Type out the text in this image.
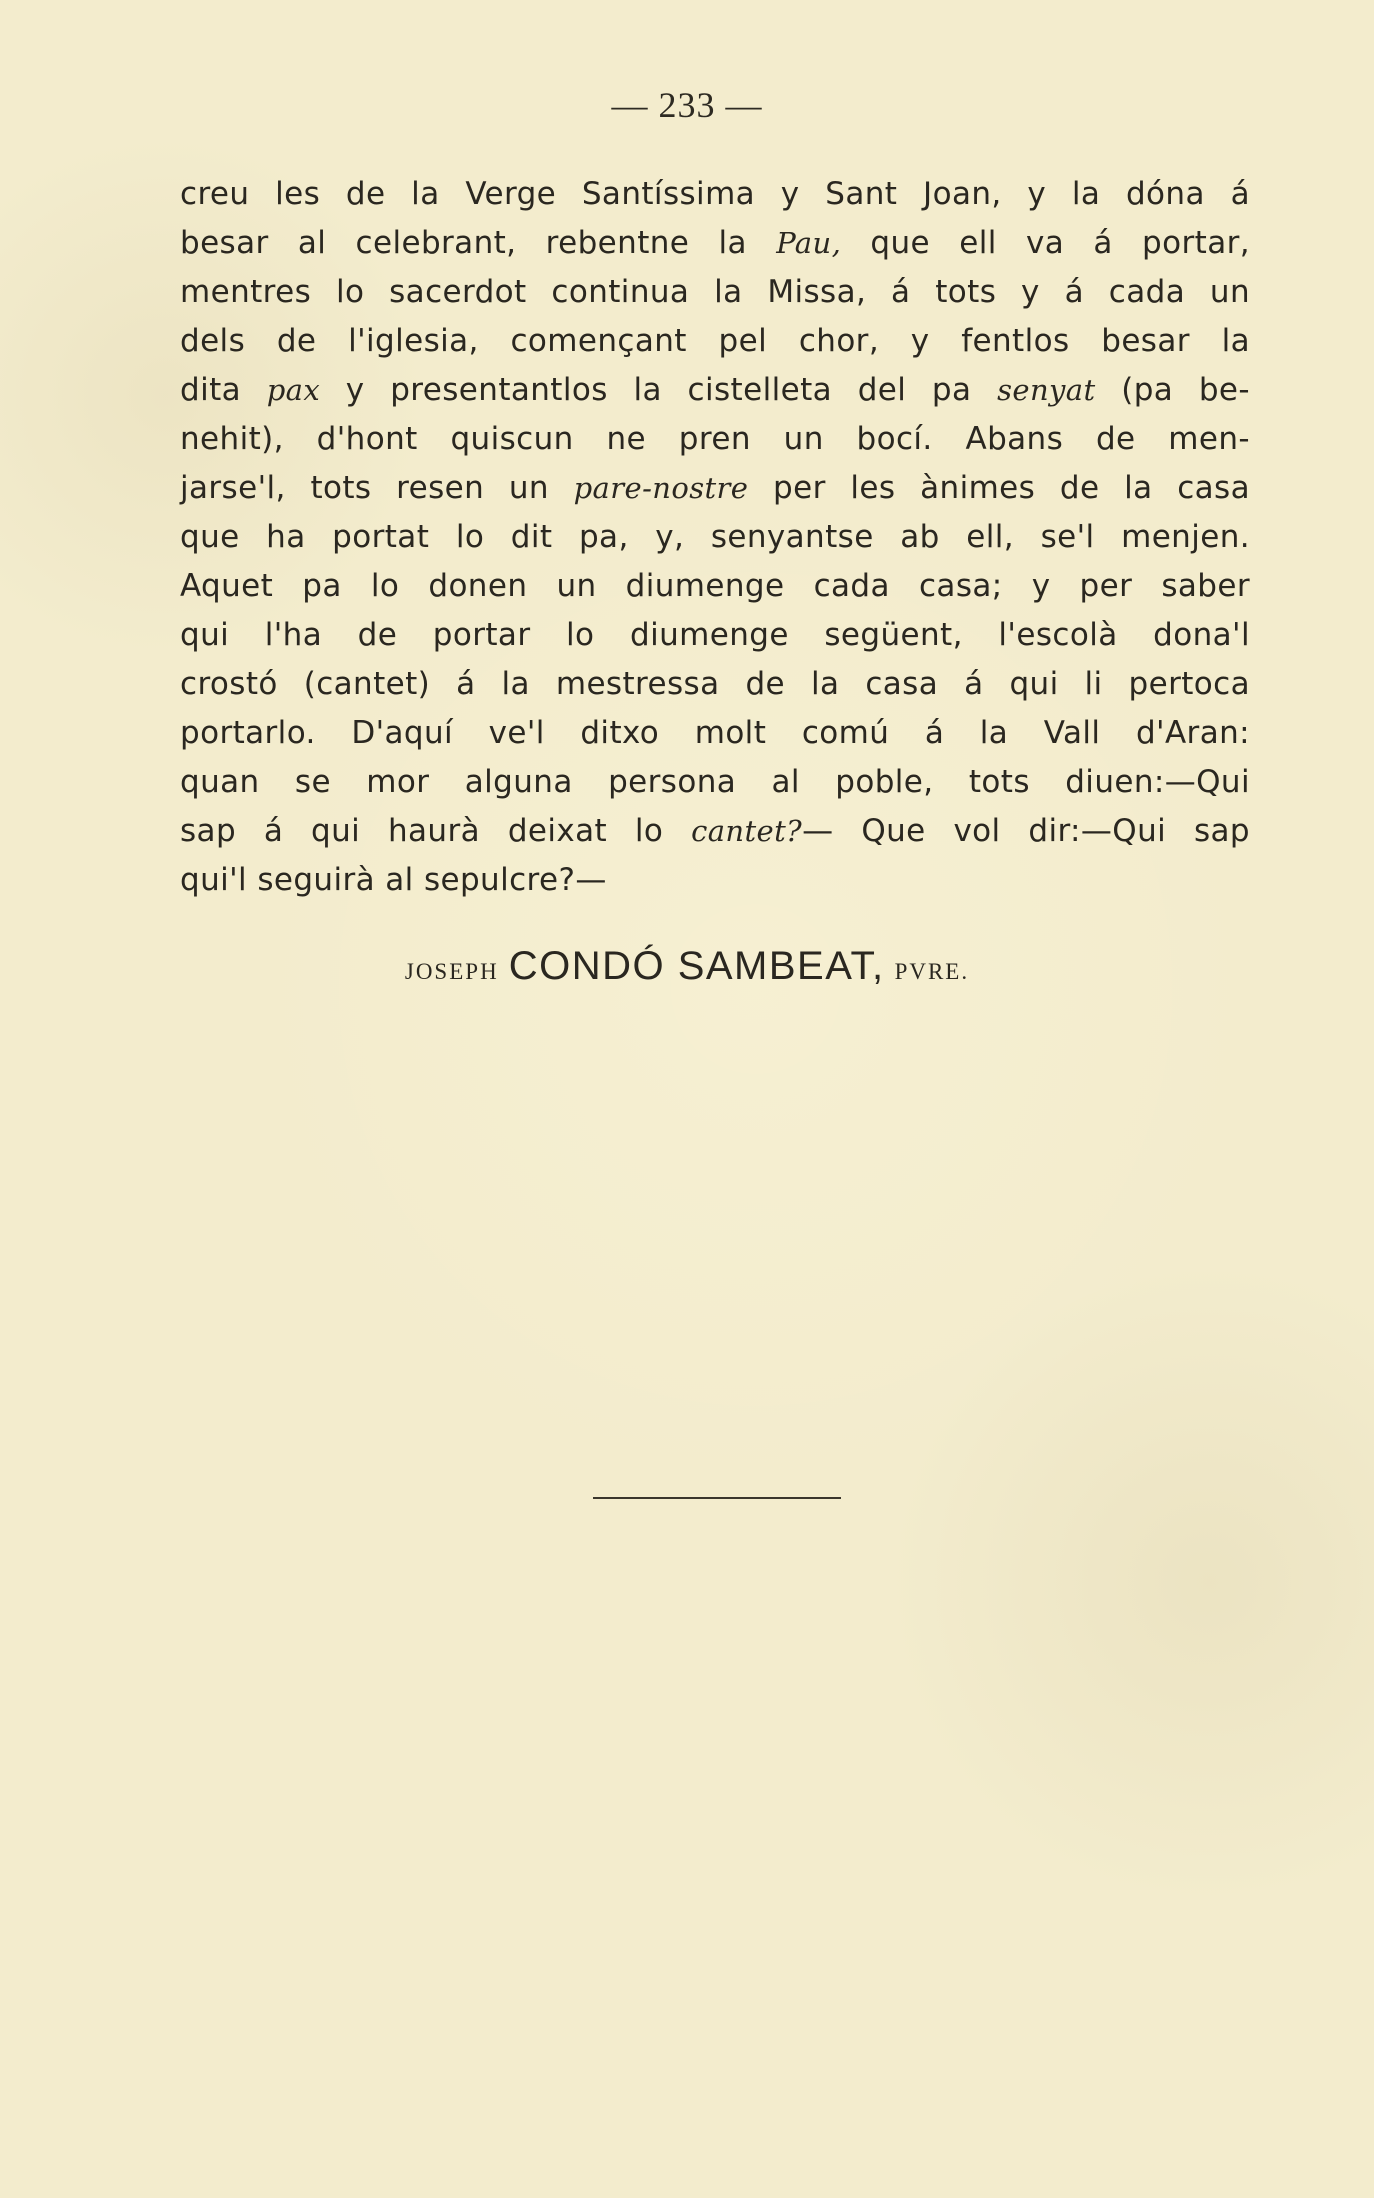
— 233 —
creu les de la Verge Santíssima y Sant Joan, y la dóna á
besar al celebrant, rebentne la Pau, que ell va á portar,
mentres lo sacerdot continua la Missa, á tots y á cada un
dels de l'iglesia, començant pel chor, y fentlos besar la
dita pax y presentantlos la cistelleta del pa senyat (pa be-
nehit), d'hont quiscun ne pren un bocí. Abans de men-
jarse'l, tots resen un pare-nostre per les ànimes de la casa
que ha portat lo dit pa, y, senyantse ab ell, se'l menjen.
Aquet pa lo donen un diumenge cada casa; y per saber
qui l'ha de portar lo diumenge següent, l'escolà dona'l
crostó (cantet) á la mestressa de la casa á qui li pertoca
portarlo. D'aquí ve'l ditxo molt comú á la Vall d'Aran:
quan se mor alguna persona al poble, tots diuen:—Qui
sap á qui haurà deixat lo cantet?— Que vol dir:—Qui sap
qui'l seguirà al sepulcre?—
JOSEPH CONDÓ SAMBEAT, PVRE.
